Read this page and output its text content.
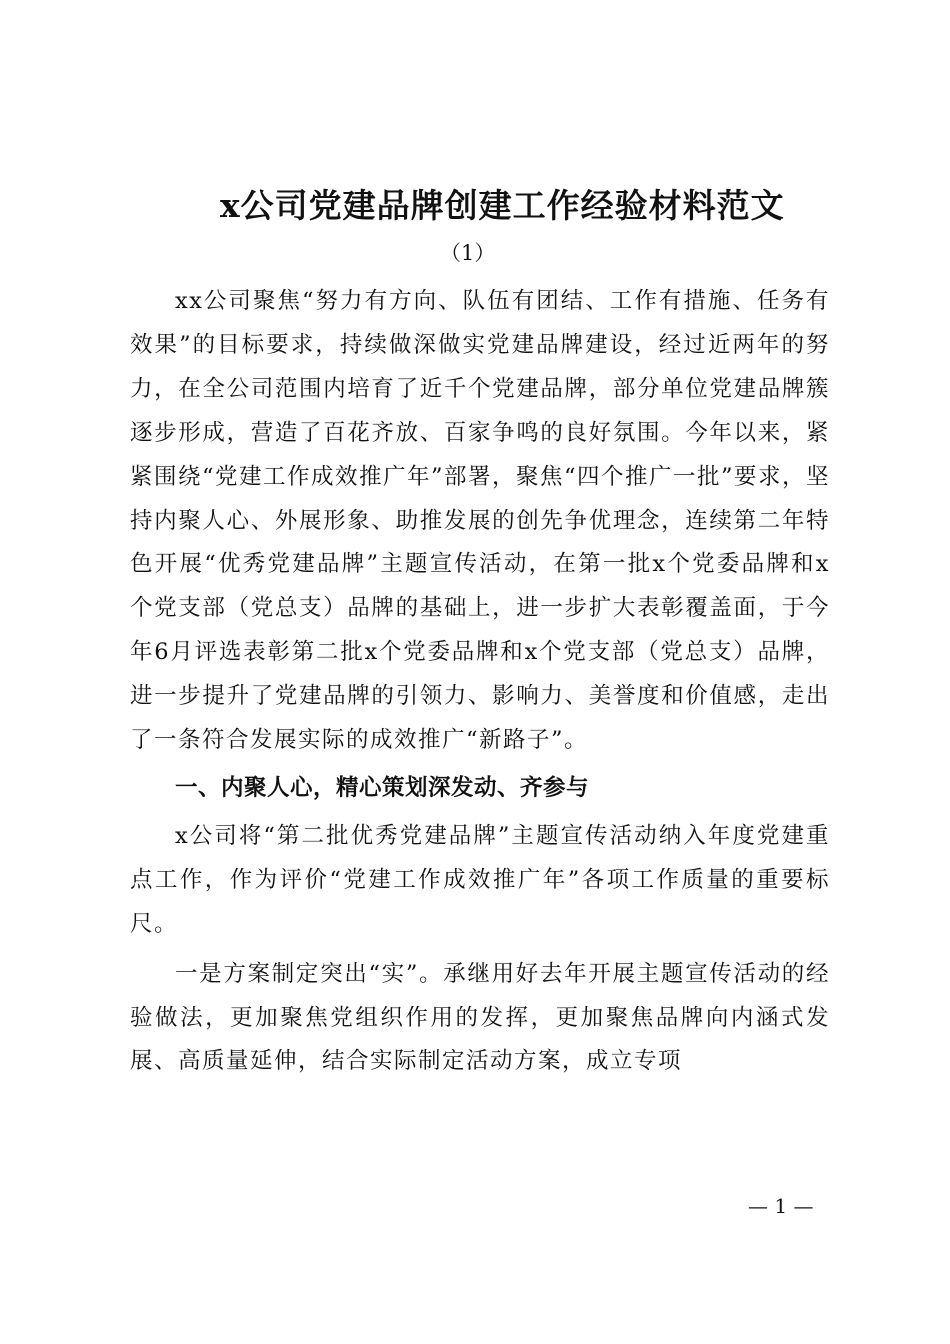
x公司党建品牌创建工作经验材料范文
（1）

xx公司聚焦“努力有方向、队伍有团结、工作有措施、任务有效果”的目标要求，持续做深做实党建品牌建设，经过近两年的努力，在全公司范围内培育了近千个党建品牌，部分单位党建品牌簇逐步形成，营造了百花齐放、百家争鸣的良好氛围。今年以来，紧紧围绕“党建工作成效推广年”部署，聚焦“四个推广一批”要求，坚持内聚人心、外展形象、助推发展的创先争优理念，连续第二年特色开展“优秀党建品牌”主题宣传活动，在第一批x个党委品牌和x个党支部（党总支）品牌的基础上，进一步扩大表彰覆盖面，于今年6月评选表彰第二批x个党委品牌和x个党支部（党总支）品牌，进一步提升了党建品牌的引领力、影响力、美誉度和价值感，走出了一条符合发展实际的成效推广“新路子”。

一、内聚人心，精心策划深发动、齐参与

x公司将“第二批优秀党建品牌”主题宣传活动纳入年度党建重点工作，作为评价“党建工作成效推广年”各项工作质量的重要标尺。

一是方案制定突出“实”。承继用好去年开展主题宣传活动的经验做法，更加聚焦党组织作用的发挥，更加聚焦品牌向内涵式发展、高质量延伸，结合实际制定活动方案，成立专项

— 1 —
